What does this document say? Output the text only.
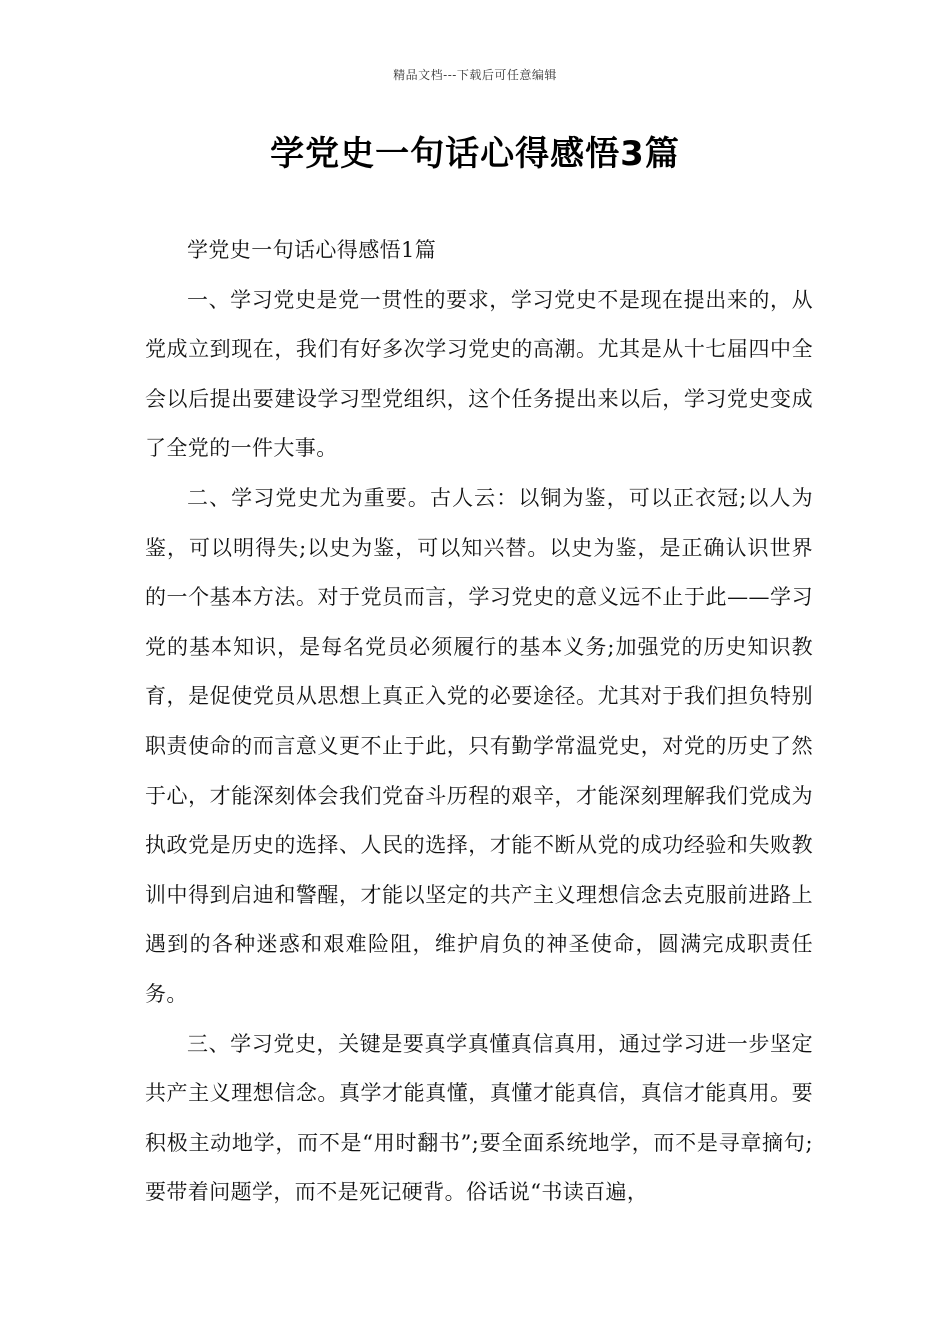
精品文档---下载后可任意编辑
学党史一句话心得感悟3篇

学党史一句话心得感悟1篇

一、学习党史是党一贯性的要求，学习党史不是现在提出来的，从党成立到现在，我们有好多次学习党史的高潮。尤其是从十七届四中全会以后提出要建设学习型党组织，这个任务提出来以后，学习党史变成了全党的一件大事。

二、学习党史尤为重要。古人云：以铜为鉴，可以正衣冠;以人为鉴，可以明得失;以史为鉴，可以知兴替。以史为鉴，是正确认识世界的一个基本方法。对于党员而言，学习党史的意义远不止于此——学习党的基本知识，是每名党员必须履行的基本义务;加强党的历史知识教育，是促使党员从思想上真正入党的必要途径。尤其对于我们担负特别职责使命的而言意义更不止于此，只有勤学常温党史，对党的历史了然于心，才能深刻体会我们党奋斗历程的艰辛，才能深刻理解我们党成为执政党是历史的选择、人民的选择，才能不断从党的成功经验和失败教训中得到启迪和警醒，才能以坚定的共产主义理想信念去克服前进路上遇到的各种迷惑和艰难险阻，维护肩负的神圣使命，圆满完成职责任务。

三、学习党史，关键是要真学真懂真信真用，通过学习进一步坚定共产主义理想信念。真学才能真懂，真懂才能真信，真信才能真用。要积极主动地学，而不是“用时翻书”;要全面系统地学，而不是寻章摘句;要带着问题学，而不是死记硬背。俗话说“书读百遍，
